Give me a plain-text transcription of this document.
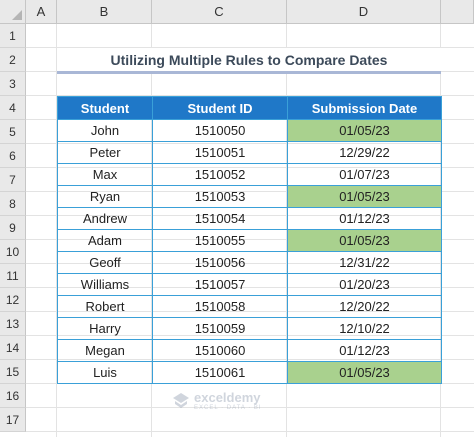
A	B	C	D
1
2
3
4
5
6
7
8
9
10
11
12
13
14
15
16
17
Utilizing Multiple Rules to Compare Dates
Student	Student ID	Submission Date
John	1510050	01/05/23
Peter	1510051	12/29/22
Max	1510052	01/07/23
Ryan	1510053	01/05/23
Andrew	1510054	01/12/23
Adam	1510055	01/05/23
Geoff	1510056	12/31/22
Williams	1510057	01/20/23
Robert	1510058	12/20/22
Harry	1510059	12/10/22
Megan	1510060	01/12/23
Luis	1510061	01/05/23
exceldemy
EXCEL · DATA · BI
